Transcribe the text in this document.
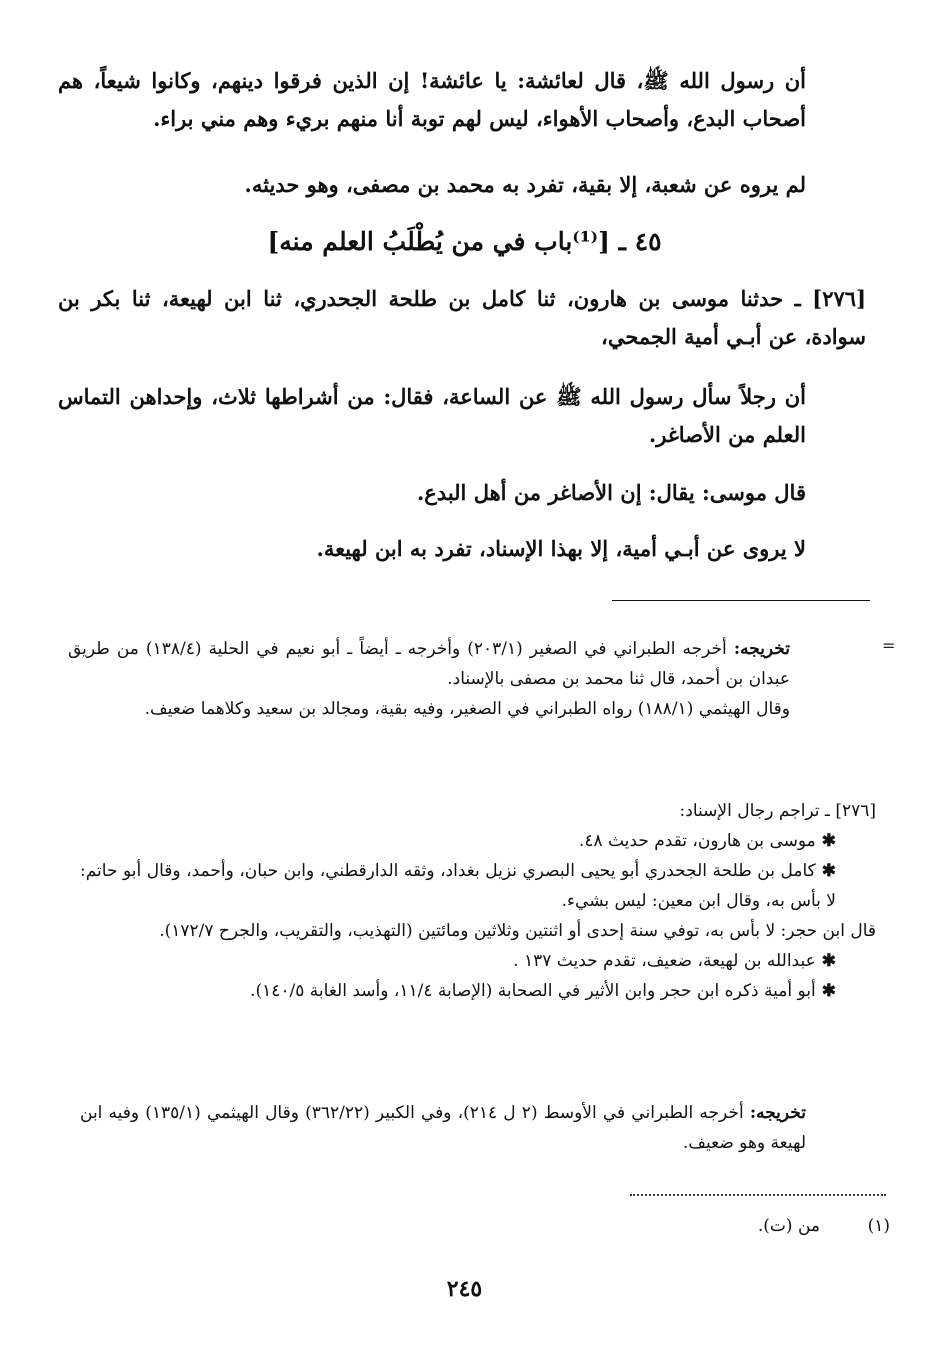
أن رسول الله ﷺ، قال لعائشة: يا عائشة! إن الذين فرقوا دينهم، وكانوا شيعاً، هم أصحاب البدع، وأصحاب الأهواء، ليس لهم توبة أنا منهم بريء وهم مني براء.

لم يروه عن شعبة، إلا بقية، تفرد به محمد بن مصفى، وهو حديثه.

٤٥ ـ [⁽¹⁾باب في من يُطْلَبُ العلم منه]

[٢٧٦] ـ حدثنا موسى بن هارون، ثنا كامل بن طلحة الجحدري، ثنا ابن لهيعة، ثنا بكر بن سوادة، عن أبـي أمية الجمحي،

أن رجلاً سأل رسول الله ﷺ عن الساعة، فقال: من أشراطها ثلاث، وإحداهن التماس العلم من الأصاغر.

قال موسى: يقال: إن الأصاغر من أهل البدع.

لا يروى عن أبـي أمية، إلا بهذا الإسناد، تفرد به ابن لهيعة.

=

تخريجه: أخرجه الطبراني في الصغير (٢٠٣/١) وأخرجه ـ أيضاً ـ أبو نعيم في الحلية (١٣٨/٤) من طريق عبدان بن أحمد، قال ثنا محمد بن مصفى بالإسناد.

وقال الهيثمي (١٨٨/١) رواه الطبراني في الصغير، وفيه بقية، ومجالد بن سعيد وكلاهما ضعيف.

[٢٧٦] ـ تراجم رجال الإسناد:

✱موسى بن هارون، تقدم حديث ٤٨.

✱كامل بن طلحة الجحدري أبو يحيى البصري نزيل بغداد، وثقه الدارقطني، وابن حبان، وأحمد، وقال أبو حاتم: لا بأس به، وقال ابن معين: ليس بشيء.

قال ابن حجر: لا بأس به، توفي سنة إحدى أو اثنتين وثلاثين ومائتين (التهذيب، والتقريب، والجرح ١٧٢/٧).

✱عبدالله بن لهيعة، ضعيف، تقدم حديث ١٣٧ .

✱أبو أمية ذكره ابن حجر وابن الأثير في الصحابة (الإصابة ١١/٤، وأسد الغابة ١٤٠/٥).

تخريجه: أخرجه الطبراني في الأوسط (٢ ل ٢١٤)، وفي الكبير (٣٦٢/٢٢) وقال الهيثمي (١٣٥/١) وفيه ابن لهيعة وهو ضعيف.

(١)من (ت).
٢٤٥
